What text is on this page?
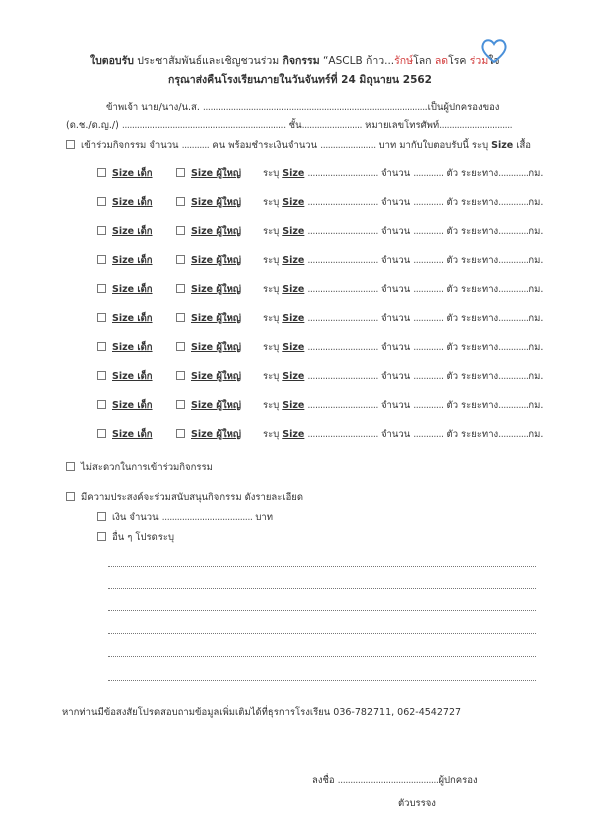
ใบตอบรับ ประชาสัมพันธ์และเชิญชวนร่วม กิจกรรม “ASCLB ก้าว...รักษ์โลก ลดโรค ร่วมใจ
กรุณาส่งคืนโรงเรียนภายในวันจันทร์ที่ 24 มิถุนายน 2562
ข้าพเจ้า นาย/นาง/น.ส. .........................................................................................เป็นผู้ปกครองของ
(ด.ช./ด.ญ./) ................................................................. ชั้น........................ หมายเลขโทรศัพท์.............................
เข้าร่วมกิจกรรม จำนวน ........... คน พร้อมชำระเงินจำนวน ...................... บาท มากับใบตอบรับนี้ ระบุ Size เสื้อ
Size เด็ก	Size ผู้ใหญ่ ระบุ Size ............................ จำนวน ............ ตัว ระยะทาง............กม.
Size เด็ก	Size ผู้ใหญ่ ระบุ Size ............................ จำนวน ............ ตัว ระยะทาง............กม.
Size เด็ก	Size ผู้ใหญ่ ระบุ Size ............................ จำนวน ............ ตัว ระยะทาง............กม.
Size เด็ก	Size ผู้ใหญ่ ระบุ Size ............................ จำนวน ............ ตัว ระยะทาง............กม.
Size เด็ก	Size ผู้ใหญ่ ระบุ Size ............................ จำนวน ............ ตัว ระยะทาง............กม.
Size เด็ก	Size ผู้ใหญ่ ระบุ Size ............................ จำนวน ............ ตัว ระยะทาง............กม.
Size เด็ก	Size ผู้ใหญ่ ระบุ Size ............................ จำนวน ............ ตัว ระยะทาง............กม.
Size เด็ก	Size ผู้ใหญ่ ระบุ Size ............................ จำนวน ............ ตัว ระยะทาง............กม.
Size เด็ก	Size ผู้ใหญ่ ระบุ Size ............................ จำนวน ............ ตัว ระยะทาง............กม.
Size เด็ก	Size ผู้ใหญ่ ระบุ Size ............................ จำนวน ............ ตัว ระยะทาง............กม.
ไม่สะดวกในการเข้าร่วมกิจกรรม
มีความประสงค์จะร่วมสนับสนุนกิจกรรม ดังรายละเอียด
เงิน จำนวน .................................... บาท
อื่น ๆ โปรดระบุ
หากท่านมีข้อสงสัยโปรดสอบถามข้อมูลเพิ่มเติมได้ที่ธุรการโรงเรียน 036-782711, 062-4542727
ลงชื่อ ........................................ผู้ปกครอง
ตัวบรรจง
